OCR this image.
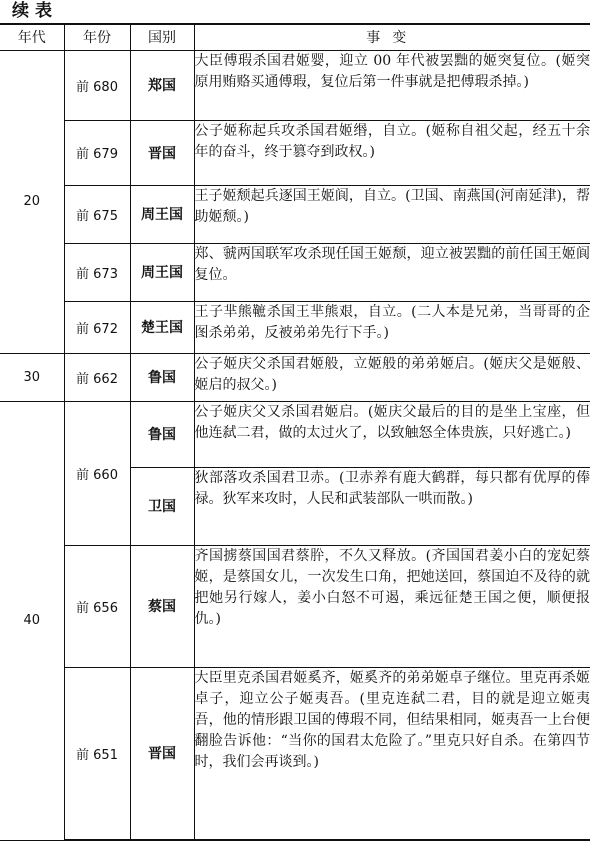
续表
年代	年份	国别	事变
20	前 680	郑国	大臣傅瑕杀国君姬婴，迎立 00 年代被罢黜的姬突复位。(姬突原用贿赂买通傅瑕，复位后第一件事就是把傅瑕杀掉。)
	前 679	晋国	公子姬称起兵攻杀国君姬缗，自立。(姬称自祖父起，经五十余年的奋斗，终于篡夺到政权。)
	前 675	周王国	王子姬颓起兵逐国王姬阆，自立。(卫国、南燕国(河南延津)，帮助姬颓。)
	前 673	周王国	郑、虢两国联军攻杀现任国王姬颓，迎立被罢黜的前任国王姬阆复位。
	前 672	楚王国	王子芈熊䩾杀国王芈熊艰，自立。(二人本是兄弟，当哥哥的企图杀弟弟，反被弟弟先行下手。)
30	前 662	鲁国	公子姬庆父杀国君姬般，立姬般的弟弟姬启。(姬庆父是姬般、姬启的叔父。)
40	前 660	鲁国	公子姬庆父又杀国君姬启。(姬庆父最后的目的是坐上宝座，但他连弑二君，做的太过火了，以致触怒全体贵族，只好逃亡。)
		卫国	狄部落攻杀国君卫赤。(卫赤养有鹿大鹤群，每只都有优厚的俸禄。狄军来攻时，人民和武装部队一哄而散。)
	前 656	蔡国	齐国掳蔡国国君蔡肸，不久又释放。(齐国国君姜小白的宠妃蔡姬，是蔡国女儿，一次发生口角，把她送回，蔡国迫不及待的就把她另行嫁人，姜小白怒不可遏，乘远征楚王国之便，顺便报仇。)
	前 651	晋国	大臣里克杀国君姬奚齐，姬奚齐的弟弟姬卓子继位。里克再杀姬卓子，迎立公子姬夷吾。(里克连弑二君，目的就是迎立姬夷吾，他的情形跟卫国的傅瑕不同，但结果相同，姬夷吾一上台便翻脸告诉他：“当你的国君太危险了。”里克只好自杀。在第四节时，我们会再谈到。)
